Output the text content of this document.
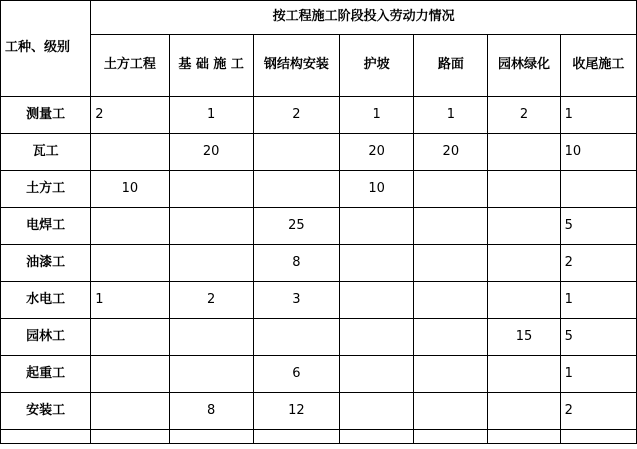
工种、级别	按工程施工阶段投入劳动力情况						
	土方工程	基 础 施 工	钢结构安装	护坡	路面	园林绿化	收尾施工
测量工	2	1	2	1	1	2	1
瓦工		20		20	20		10
土方工	10			10			
电焊工			25				5
油漆工			8				2
水电工	1	2	3				1
园林工						15	5
起重工			6				1
安装工		8	12				2
